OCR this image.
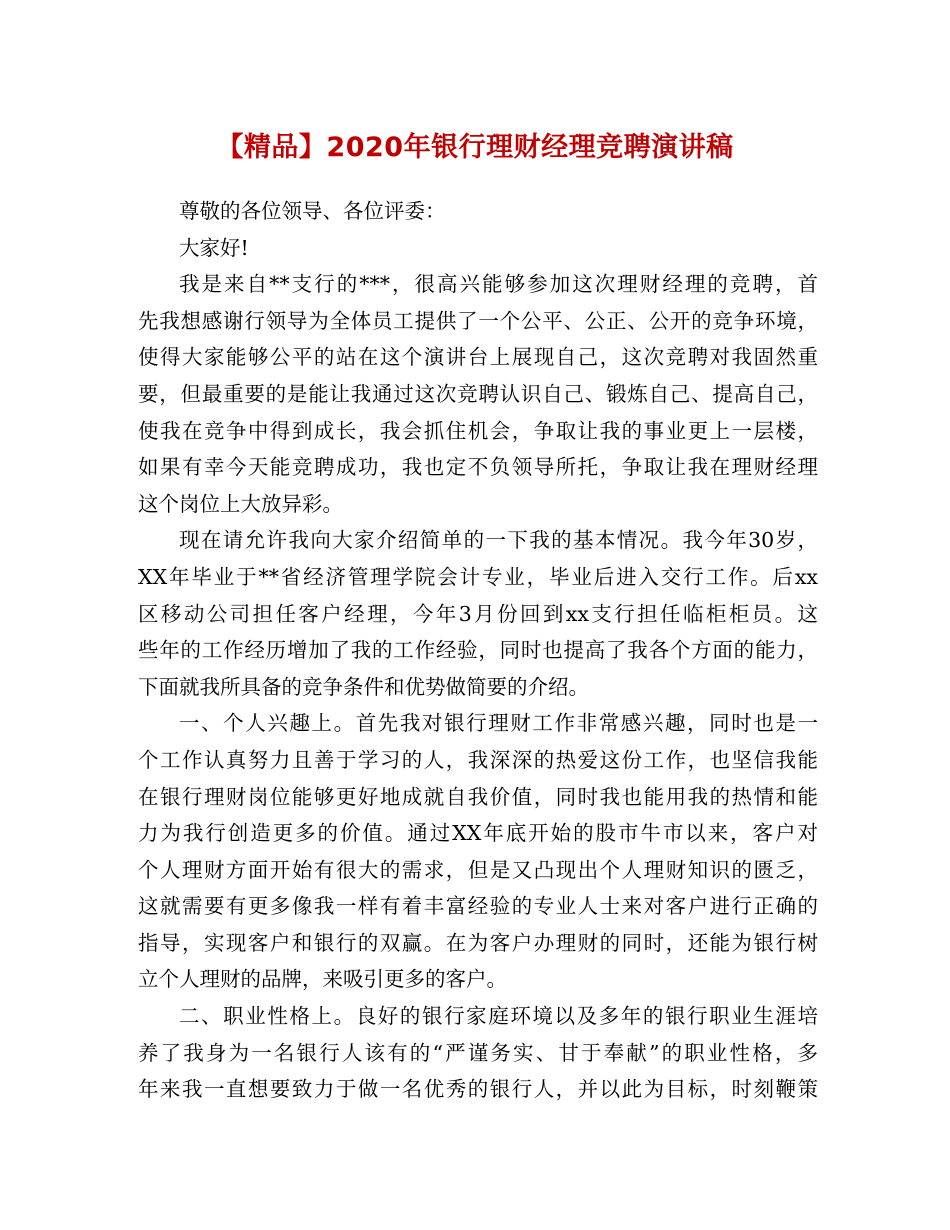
【精品】2020年银行理财经理竞聘演讲稿
尊敬的各位领导、各位评委：
大家好!
我是来自**支行的***，很高兴能够参加这次理财经理的竞聘，首
先我想感谢行领导为全体员工提供了一个公平、公正、公开的竞争环境，
使得大家能够公平的站在这个演讲台上展现自己，这次竞聘对我固然重
要，但最重要的是能让我通过这次竞聘认识自己、锻炼自己、提高自己，
使我在竞争中得到成长，我会抓住机会，争取让我的事业更上一层楼，
如果有幸今天能竞聘成功，我也定不负领导所托，争取让我在理财经理
这个岗位上大放异彩。
现在请允许我向大家介绍简单的一下我的基本情况。我今年30岁，
XX年毕业于**省经济管理学院会计专业，毕业后进入交行工作。后xx
区移动公司担任客户经理，今年3月份回到xx支行担任临柜柜员。这
些年的工作经历增加了我的工作经验，同时也提高了我各个方面的能力，
下面就我所具备的竞争条件和优势做简要的介绍。
一、个人兴趣上。首先我对银行理财工作非常感兴趣，同时也是一
个工作认真努力且善于学习的人，我深深的热爱这份工作，也坚信我能
在银行理财岗位能够更好地成就自我价值，同时我也能用我的热情和能
力为我行创造更多的价值。通过XX年底开始的股市牛市以来，客户对
个人理财方面开始有很大的需求，但是又凸现出个人理财知识的匮乏，
这就需要有更多像我一样有着丰富经验的专业人士来对客户进行正确的
指导，实现客户和银行的双赢。在为客户办理财的同时，还能为银行树
立个人理财的品牌，来吸引更多的客户。
二、职业性格上。良好的银行家庭环境以及多年的银行职业生涯培
养了我身为一名银行人该有的“严谨务实、甘于奉献”的职业性格，多
年来我一直想要致力于做一名优秀的银行人，并以此为目标，时刻鞭策
